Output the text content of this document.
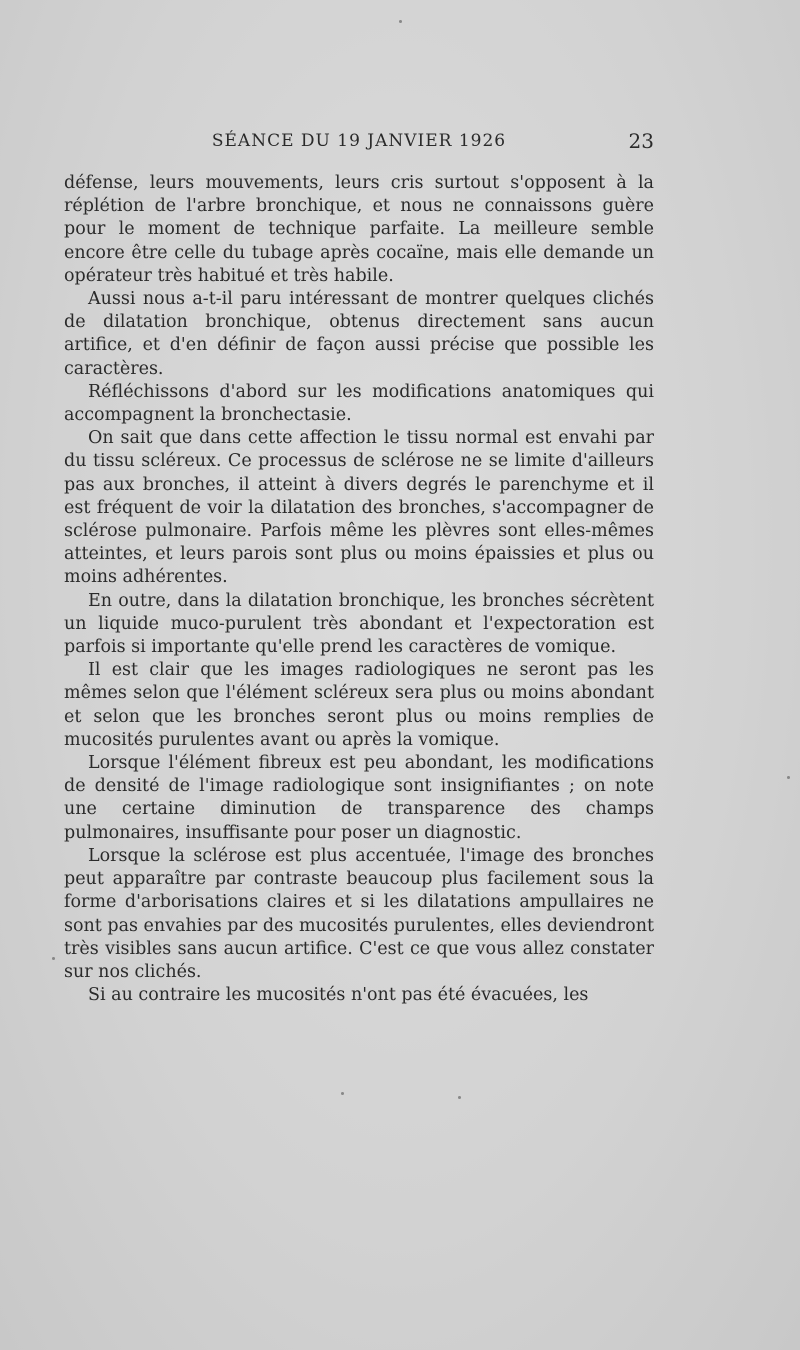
SÉANCE DU 19 JANVIER 1926	23

défense, leurs mouvements, leurs cris surtout s'opposent à la réplétion de l'arbre bronchique, et nous ne connaissons guère pour le moment de technique parfaite. La meilleure semble encore être celle du tubage après cocaïne, mais elle demande un opérateur très habitué et très habile.

Aussi nous a-t-il paru intéressant de montrer quelques clichés de dilatation bronchique, obtenus directement sans aucun artifice, et d'en définir de façon aussi précise que possible les caractères.

Réfléchissons d'abord sur les modifications anatomiques qui accompagnent la bronchectasie.

On sait que dans cette affection le tissu normal est envahi par du tissu scléreux. Ce processus de sclérose ne se limite d'ailleurs pas aux bronches, il atteint à divers degrés le parenchyme et il est fréquent de voir la dilatation des bronches, s'accompagner de sclérose pulmonaire. Parfois même les plèvres sont elles-mêmes atteintes, et leurs parois sont plus ou moins épaissies et plus ou moins adhérentes.

En outre, dans la dilatation bronchique, les bronches sécrètent un liquide muco-purulent très abondant et l'expectoration est parfois si importante qu'elle prend les caractères de vomique.

Il est clair que les images radiologiques ne seront pas les mêmes selon que l'élément scléreux sera plus ou moins abondant et selon que les bronches seront plus ou moins remplies de mucosités purulentes avant ou après la vomique.

Lorsque l'élément fibreux est peu abondant, les modifications de densité de l'image radiologique sont insignifiantes ; on note une certaine diminution de transparence des champs pulmonaires, insuffisante pour poser un diagnostic.

Lorsque la sclérose est plus accentuée, l'image des bronches peut apparaître par contraste beaucoup plus facilement sous la forme d'arborisations claires et si les dilatations ampullaires ne sont pas envahies par des mucosités purulentes, elles deviendront très visibles sans aucun artifice. C'est ce que vous allez constater sur nos clichés.

Si au contraire les mucosités n'ont pas été évacuées, les
